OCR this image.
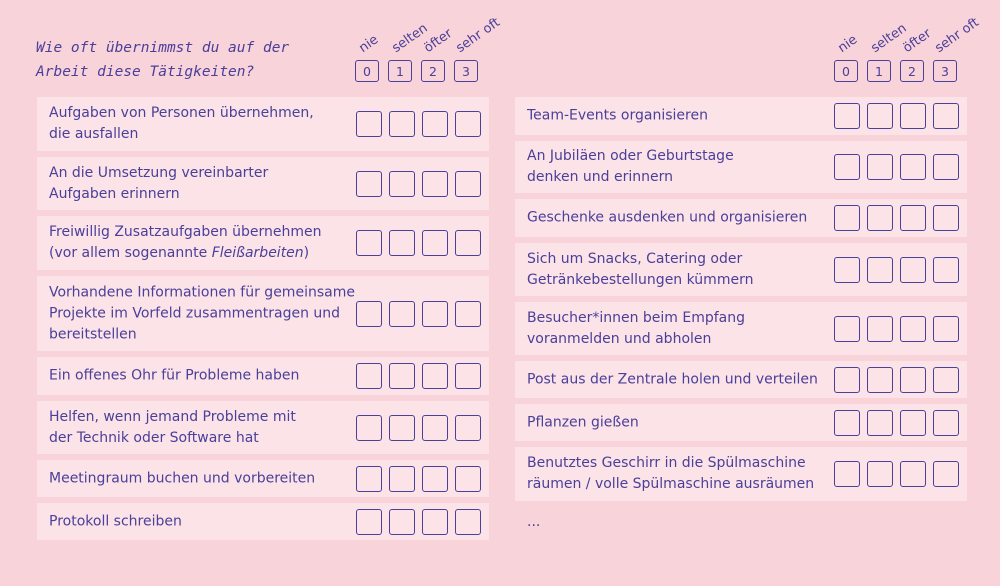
Wie oft übernimmst du auf der
Arbeit diese Tätigkeiten?
nie selten
öfter
sehr oft
0	1	2	3
nie selten
öfter
sehr oft
0	1	2	3
Aufgaben von Personen übernehmen,
die ausfallen
An die Umsetzung vereinbarter
Aufgaben erinnern
Freiwillig Zusatzaufgaben übernehmen
(vor allem sogenannte Fleißarbeiten)
Vorhandene Informationen für gemeinsame
Projekte im Vorfeld zusammentragen und
bereitstellen
Ein offenes Ohr für Probleme haben
Helfen, wenn jemand Probleme mit
der Technik oder Software hat
Meetingraum buchen und vorbereiten
Protokoll schreiben
Team-Events organisieren
An Jubiläen oder Geburtstage
denken und erinnern
Geschenke ausdenken und organisieren
Sich um Snacks, Catering oder
Getränkebestellungen kümmern
Besucher*innen beim Empfang
voranmelden und abholen
Post aus der Zentrale holen und verteilen
Pflanzen gießen
Benutztes Geschirr in die Spülmaschine
räumen / volle Spülmaschine ausräumen
...
